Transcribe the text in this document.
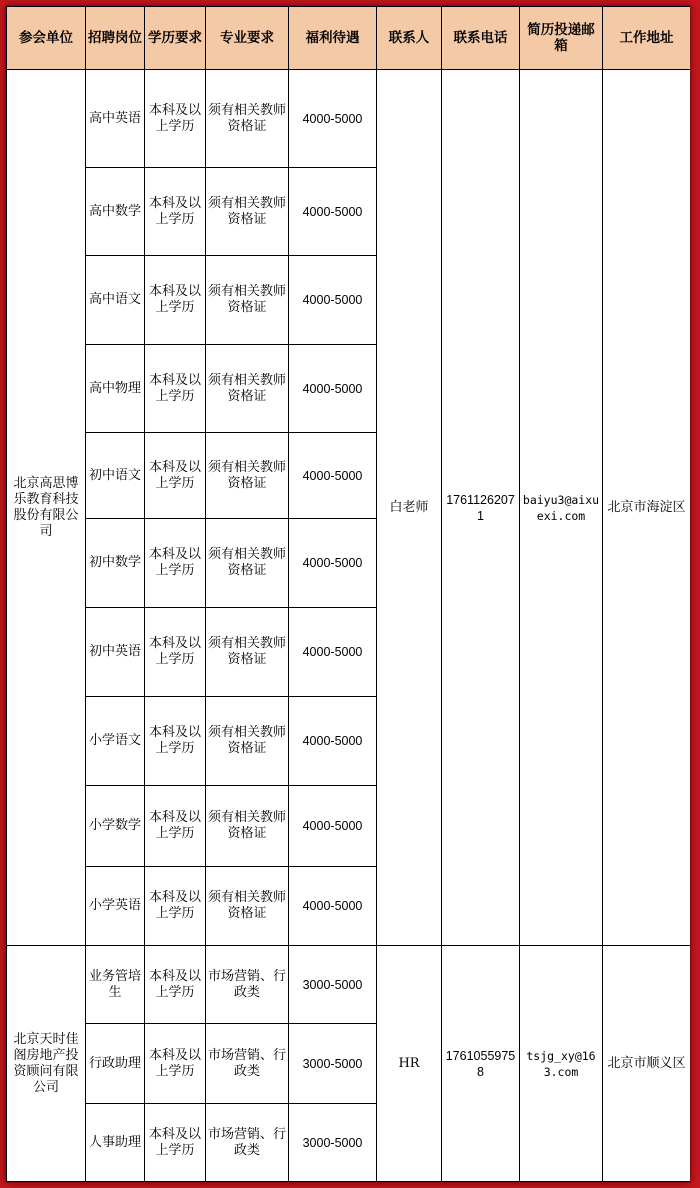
参会单位	招聘岗位	学历要求	专业要求	福利待遇	联系人	联系电话	简历投递邮箱	工作地址
北京高思博乐教育科技股份有限公司	高中英语	本科及以上学历	须有相关教师资格证	4000-5000	白老师	17611262071	baiyu3@aixuexi.com	北京市海淀区
	高中数学	本科及以上学历	须有相关教师资格证	4000-5000				
	高中语文	本科及以上学历	须有相关教师资格证	4000-5000				
	高中物理	本科及以上学历	须有相关教师资格证	4000-5000				
	初中语文	本科及以上学历	须有相关教师资格证	4000-5000				
	初中数学	本科及以上学历	须有相关教师资格证	4000-5000				
	初中英语	本科及以上学历	须有相关教师资格证	4000-5000				
	小学语文	本科及以上学历	须有相关教师资格证	4000-5000				
	小学数学	本科及以上学历	须有相关教师资格证	4000-5000				
	小学英语	本科及以上学历	须有相关教师资格证	4000-5000				
北京天时佳阁房地产投资顾问有限公司	业务管培生	本科及以上学历	市场营销、行政类	3000-5000	HR	17610559758	tsjg_xy@163.com	北京市顺义区
	行政助理	本科及以上学历	市场营销、行政类	3000-5000				
	人事助理	本科及以上学历	市场营销、行政类	3000-5000				
